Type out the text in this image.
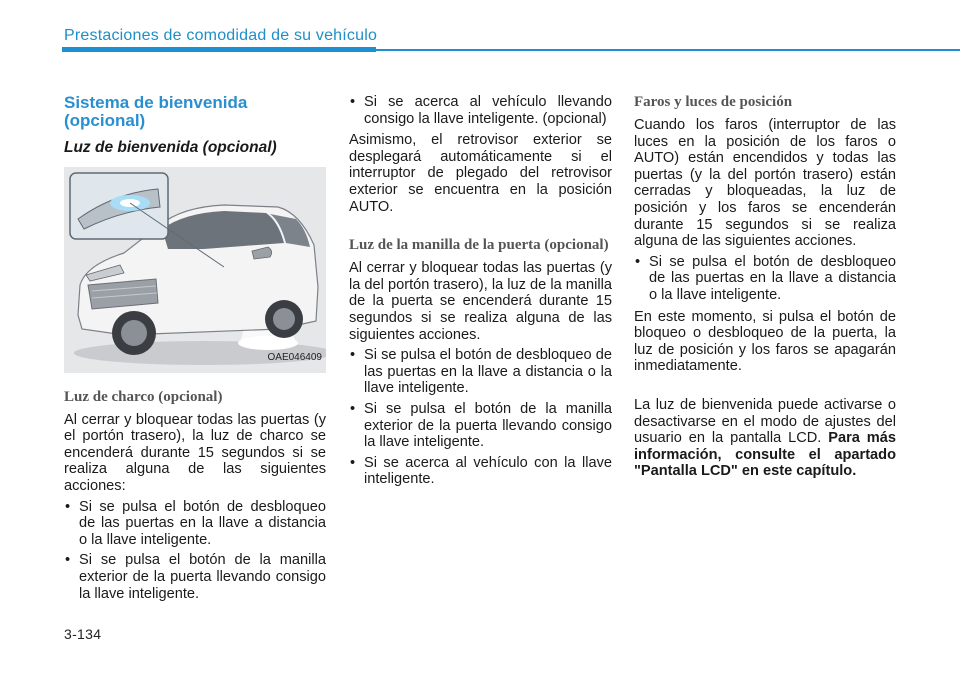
Prestaciones de comodidad de su vehículo
Sistema de bienvenida (opcional)
Luz de bienvenida (opcional)
OAE046409
Luz de charco (opcional)

Al cerrar y bloquear todas las puertas (y el portón trasero), la luz de charco se encenderá durante 15 segundos si se realiza alguna de las siguientes acciones:

• Si se pulsa el botón de desbloqueo de las puertas en la llave a distancia o la llave inteligente.
• Si se pulsa el botón de la manilla exterior de la puerta llevando consigo la llave inteligente.
• Si se acerca al vehículo llevando consigo la llave inteligente. (opcional)

Asimismo, el retrovisor exterior se desplegará automáticamente si el interruptor de plegado del retrovisor exterior se encuentra en la posición AUTO.

Luz de la manilla de la puerta (opcional)

Al cerrar y bloquear todas las puertas (y la del portón trasero), la luz de la manilla de la puerta se encenderá durante 15 segundos si se realiza alguna de las siguientes acciones.

• Si se pulsa el botón de desbloqueo de las puertas en la llave a distancia o la llave inteligente.
• Si se pulsa el botón de la manilla exterior de la puerta llevando consigo la llave inteligente.
• Si se acerca al vehículo con la llave inteligente.
Faros y luces de posición

Cuando los faros (interruptor de las luces en la posición de los faros o AUTO) están encendidos y todas las puertas (y la del portón trasero) están cerradas y bloqueadas, la luz de posición y los faros se encenderán durante 15 segundos si se realiza alguna de las siguientes acciones.

• Si se pulsa el botón de desbloqueo de las puertas en la llave a distancia o la llave inteligente.

En este momento, si pulsa el botón de bloqueo o desbloqueo de la puerta, la luz de posición y los faros se apagarán inmediatamente.

La luz de bienvenida puede activarse o desactivarse en el modo de ajustes del usuario en la pantalla LCD. Para más información, consulte el apartado "Pantalla LCD" en este capítulo.

3-134
